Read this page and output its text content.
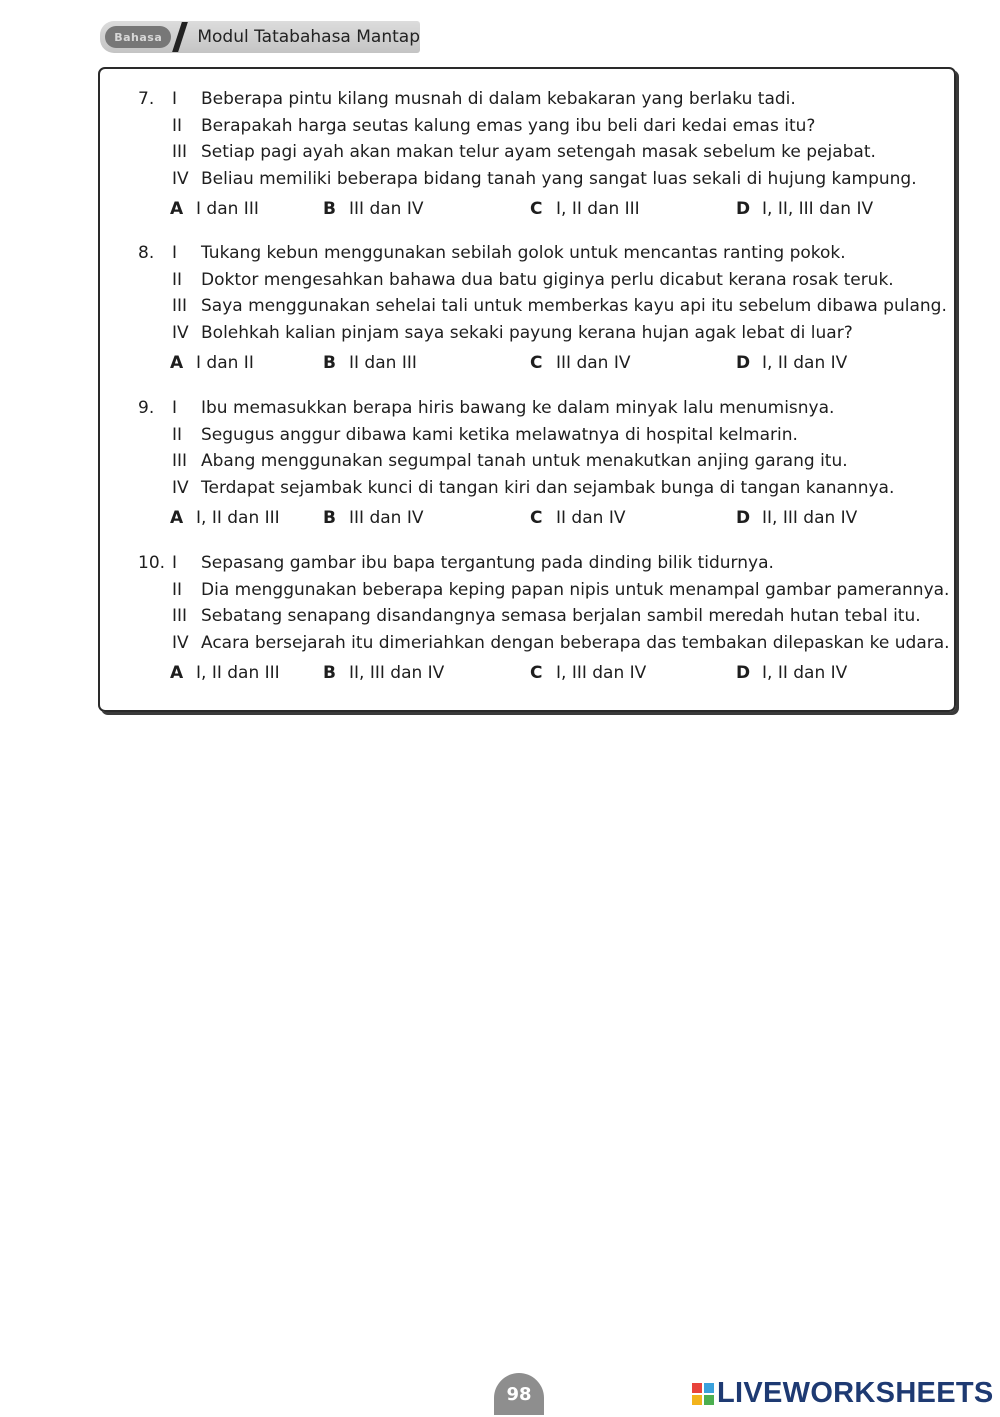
Bahasa	Modul Tatabahasa Mantap
7. I	Beberapa pintu kilang musnah di dalam kebakaran yang berlaku tadi.
II	Berapakah harga seutas kalung emas yang ibu beli dari kedai emas itu?
III Setiap pagi ayah akan makan telur ayam setengah masak sebelum ke pejabat.
IV Beliau memiliki beberapa bidang tanah yang sangat luas sekali di hujung kampung.
A I dan III	B III dan IV	C I, II dan III	D I, II, III dan IV
8. I	Tukang kebun menggunakan sebilah golok untuk mencantas ranting pokok.
II	Doktor mengesahkan bahawa dua batu giginya perlu dicabut kerana rosak teruk.
III Saya menggunakan sehelai tali untuk memberkas kayu api itu sebelum dibawa pulang.
IV Bolehkah kalian pinjam saya sekaki payung kerana hujan agak lebat di luar?
A I dan II	B II dan III	C III dan IV	D I, II dan IV
9. I	Ibu memasukkan berapa hiris bawang ke dalam minyak lalu menumisnya.
II	Segugus anggur dibawa kami ketika melawatnya di hospital kelmarin.
III Abang menggunakan segumpal tanah untuk menakutkan anjing garang itu.
IV Terdapat sejambak kunci di tangan kiri dan sejambak bunga di tangan kanannya.
A I, II dan III	B III dan IV	C II dan IV	D II, III dan IV
10. I	Sepasang gambar ibu bapa tergantung pada dinding bilik tidurnya.
II	Dia menggunakan beberapa keping papan nipis untuk menampal gambar pamerannya.
III Sebatang senapang disandangnya semasa berjalan sambil meredah hutan tebal itu.
IV Acara bersejarah itu dimeriahkan dengan beberapa das tembakan dilepaskan ke udara.
A I, II dan III	B II, III dan IV	C I, III dan IV	D I, II dan IV
98	LIVEWORKSHEETS
